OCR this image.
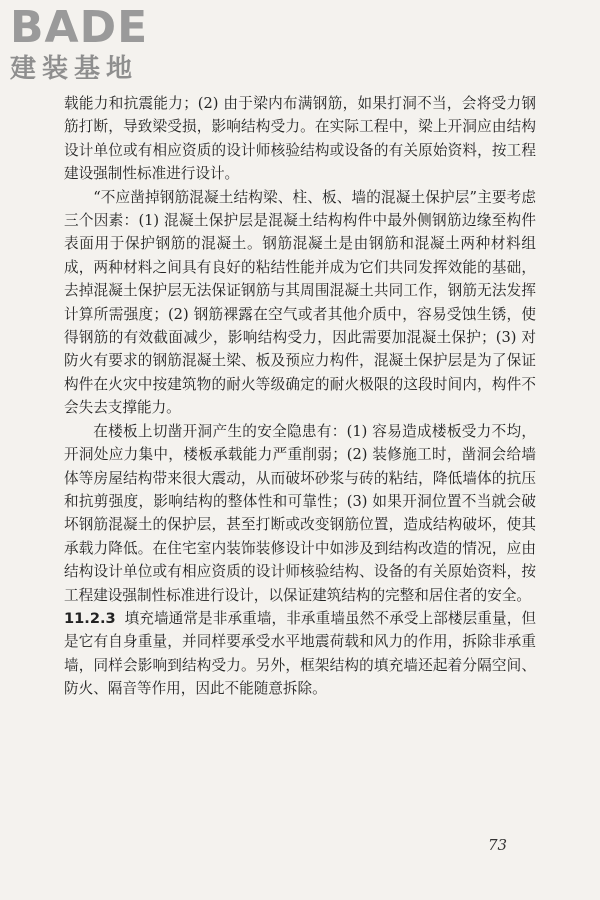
BADE
建装基地

载能力和抗震能力；(2) 由于梁内布满钢筋，如果打洞不当，会将受力钢筋打断，导致梁受损，影响结构受力。在实际工程中，梁上开洞应由结构设计单位或有相应资质的设计师核验结构或设备的有关原始资料，按工程建设强制性标准进行设计。

“不应凿掉钢筋混凝土结构梁、柱、板、墙的混凝土保护层”主要考虑三个因素：(1) 混凝土保护层是混凝土结构构件中最外侧钢筋边缘至构件表面用于保护钢筋的混凝土。钢筋混凝土是由钢筋和混凝土两种材料组成，两种材料之间具有良好的粘结性能并成为它们共同发挥效能的基础，去掉混凝土保护层无法保证钢筋与其周围混凝土共同工作，钢筋无法发挥计算所需强度；(2) 钢筋裸露在空气或者其他介质中，容易受蚀生锈，使得钢筋的有效截面减少，影响结构受力，因此需要加混凝土保护；(3) 对防火有要求的钢筋混凝土梁、板及预应力构件，混凝土保护层是为了保证构件在火灾中按建筑物的耐火等级确定的耐火极限的这段时间内，构件不会失去支撑能力。

在楼板上切凿开洞产生的安全隐患有：(1) 容易造成楼板受力不均，开洞处应力集中，楼板承载能力严重削弱；(2) 装修施工时，凿洞会给墙体等房屋结构带来很大震动，从而破坏砂浆与砖的粘结，降低墙体的抗压和抗剪强度，影响结构的整体性和可靠性；(3) 如果开洞位置不当就会破坏钢筋混凝土的保护层，甚至打断或改变钢筋位置，造成结构破坏，使其承载力降低。在住宅室内装饰装修设计中如涉及到结构改造的情况，应由结构设计单位或有相应资质的设计师核验结构、设备的有关原始资料，按工程建设强制性标准进行设计，以保证建筑结构的完整和居住者的安全。

11.2.3 填充墙通常是非承重墙，非承重墙虽然不承受上部楼层重量，但是它有自身重量，并同样要承受水平地震荷载和风力的作用，拆除非承重墙，同样会影响到结构受力。另外，框架结构的填充墙还起着分隔空间、防火、隔音等作用，因此不能随意拆除。

73
